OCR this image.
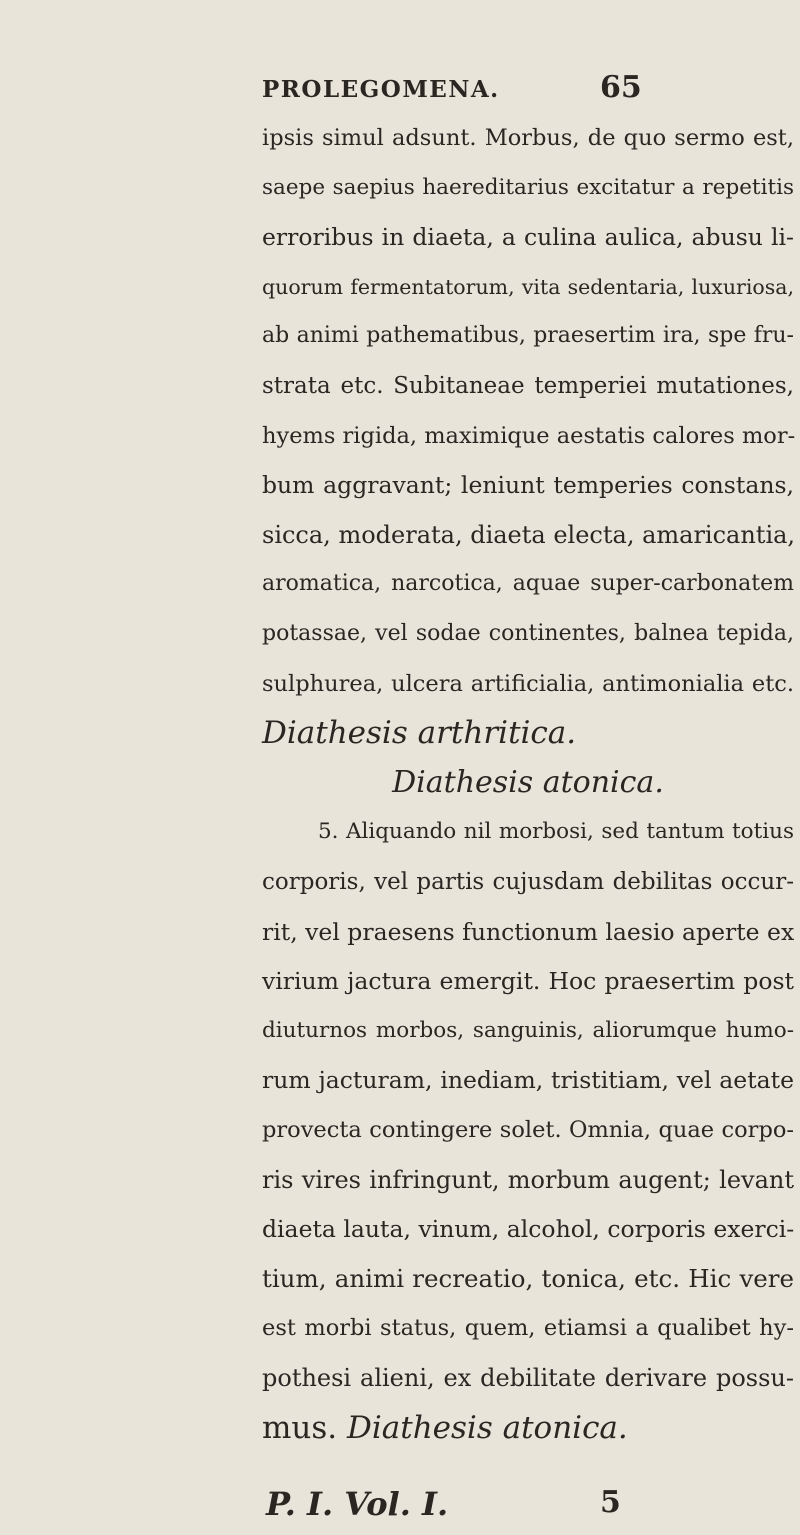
PROLEGOMENA.	65
ipsis simul adsunt. Morbus, de quo sermo est,
saepe saepius haereditarius excitatur a repetitis
erroribus in diaeta, a culina aulica, abusu li-
quorum fermentatorum, vita sedentaria, luxuriosa,
ab animi pathematibus, praesertim ira, spe fru-
strata etc. Subitaneae temperiei mutationes,
hyems rigida, maximique aestatis calores mor-
bum aggravant; leniunt temperies constans,
sicca, moderata, diaeta electa, amaricantia,
aromatica, narcotica, aquae super-carbonatem
potassae, vel sodae continentes, balnea tepida,
sulphurea, ulcera artificialia, antimonialia etc.
Diathesis arthritica.
Diathesis atonica.
5. Aliquando nil morbosi, sed tantum totius
corporis, vel partis cujusdam debilitas occur-
rit, vel praesens functionum laesio aperte ex
virium jactura emergit. Hoc praesertim post
diuturnos morbos, sanguinis, aliorumque humo-
rum jacturam, inediam, tristitiam, vel aetate
provecta contingere solet. Omnia, quae corpo-
ris vires infringunt, morbum augent; levant
diaeta lauta, vinum, alcohol, corporis exerci-
tium, animi recreatio, tonica, etc. Hic vere
est morbi status, quem, etiamsi a qualibet hy-
pothesi alieni, ex debilitate derivare possu-
mus. Diathesis atonica.
P. I. Vol. I.	5
